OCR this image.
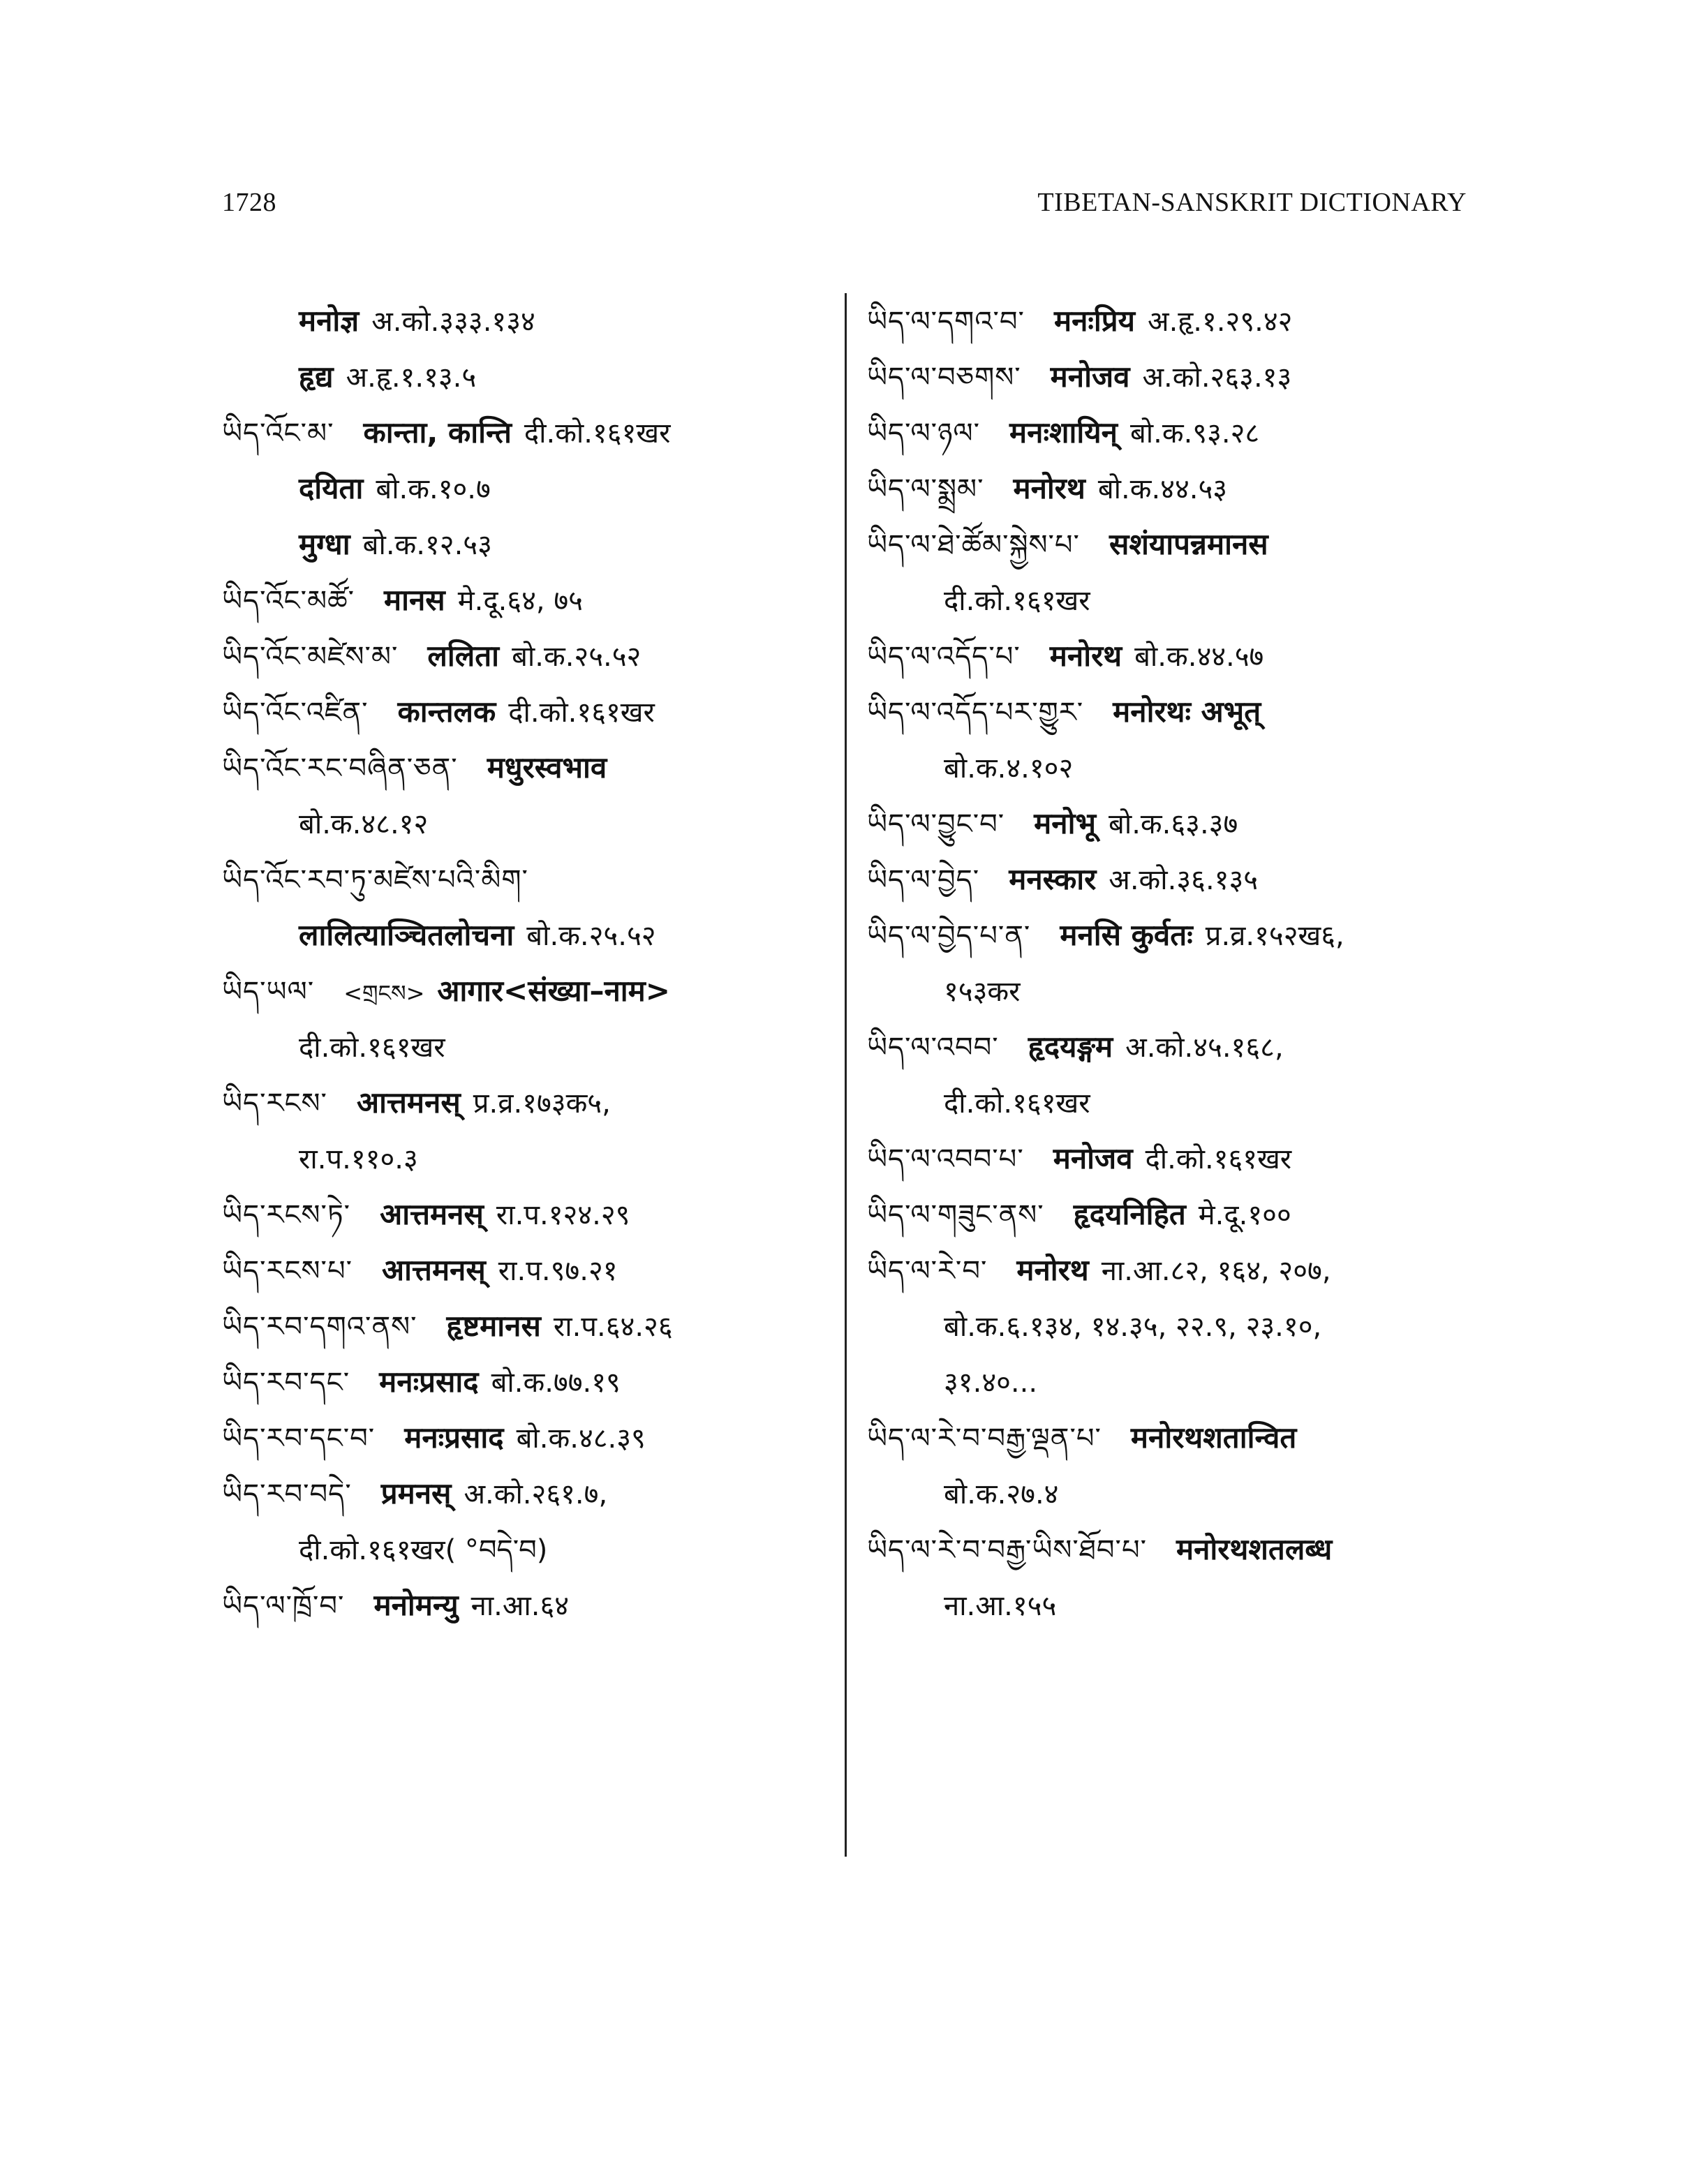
1728	TIBETAN-SANSKRIT DICTIONARY
मनोज्ञ अ.को.३३३.१३४
हृद्य अ.हृ.१.१३.५
ཡིད་འོང་མ་ कान्ता, कान्ति दी.को.१६१खर
दयिता बो.क.१०.७
मुग्धा बो.क.१२.५३
ཡིད་འོང་མཚོ་ मानस मे.दू.६४, ७५
ཡིད་འོང་མཛེས་མ་ ललिता बो.क.२५.५२
ཡིད་འོང་འཛིན་ कान्तलक दी.को.१६१खर
ཡིད་འོང་རང་བཞིན་ཅན་ मधुरस्वभाव
बो.क.४८.१२
ཡིད་འོང་རབ་ཏུ་མཛེས་པའི་མིག་
लालित्याञ्चितलोचना बो.क.२५.५२
ཡིད་ཡལ་ <གྲངས> आगार<संख्या–नाम>
दी.को.१६१खर
ཡིད་རངས་ आत्तमनस् प्र.व्र.१७३क५,
रा.प.११०.३
ཡིད་རངས་ཏེ་ आत्तमनस् रा.प.१२४.२९
ཡིད་རངས་པ་ आत्तमनस् रा.प.९७.२१
ཡིད་རབ་དགའ་ནས་ हृष्टमानस रा.प.६४.२६
ཡིད་རབ་དང་ मनःप्रसाद बो.क.७७.१९
ཡིད་རབ་དང་བ་ मनःप्रसाद बो.क.४८.३९
ཡིད་རབ་བདེ་ प्रमनस् अ.को.२६१.७,
दी.को.१६१खर( °བདེ་བ)
ཡིད་ལ་ཁྲོ་བ་ मनोमन्यु ना.आ.६४
ཡིད་ལ་དགའ་བ་ मनःप्रिय अ.हृ.१.२९.४२
ཡིད་ལ་བཅགས་ मनोजव अ.को.२६३.१३
ཡིད་ལ་ཉལ་ मनःशायिन् बो.क.९३.२८
ཡིད་ལ་སྨྲམ་ मनोरथ बो.क.४४.५३
ཡིད་ལ་ཐེ་ཚོམ་སྐྱེས་པ་ सशंयापन्नमानस
दी.को.१६१खर
ཡིད་ལ་འདོད་པ་ मनोरथ बो.क.४४.५७
ཡིད་ལ་འདོད་པར་གྱུར་ मनोरथः अभूत्
बो.क.४.१०२
ཡིད་ལ་བྱུང་བ་ मनोभू बो.क.६३.३७
ཡིད་ལ་བྱེད་ मनस्कार अ.को.३६.१३५
ཡིད་ལ་བྱེད་པ་ན་ मनसि कुर्वतः प्र.व्र.१५२ख६,
१५३कर
ཡིད་ལ་འབབ་ हृदयङ्गम अ.को.४५.१६८,
दी.को.१६१खर
ཡིད་ལ་འབབ་པ་ मनोजव दी.को.१६१खर
ཡིད་ལ་གཟུང་ནས་ हृदयनिहित मे.दू.१००
ཡིད་ལ་རེ་བ་ मनोरथ ना.आ.८२, १६४, २०७,
बो.क.६.१३४, १४.३५, २२.९, २३.१०,
३१.४०...
ཡིད་ལ་རེ་བ་བརྒྱ་ལྡན་པ་ मनोरथशतान्वित
बो.क.२७.४
ཡིད་ལ་རེ་བ་བརྒྱ་ཡིས་ཐོབ་པ་ मनोरथशतलब्ध
ना.आ.१५५
